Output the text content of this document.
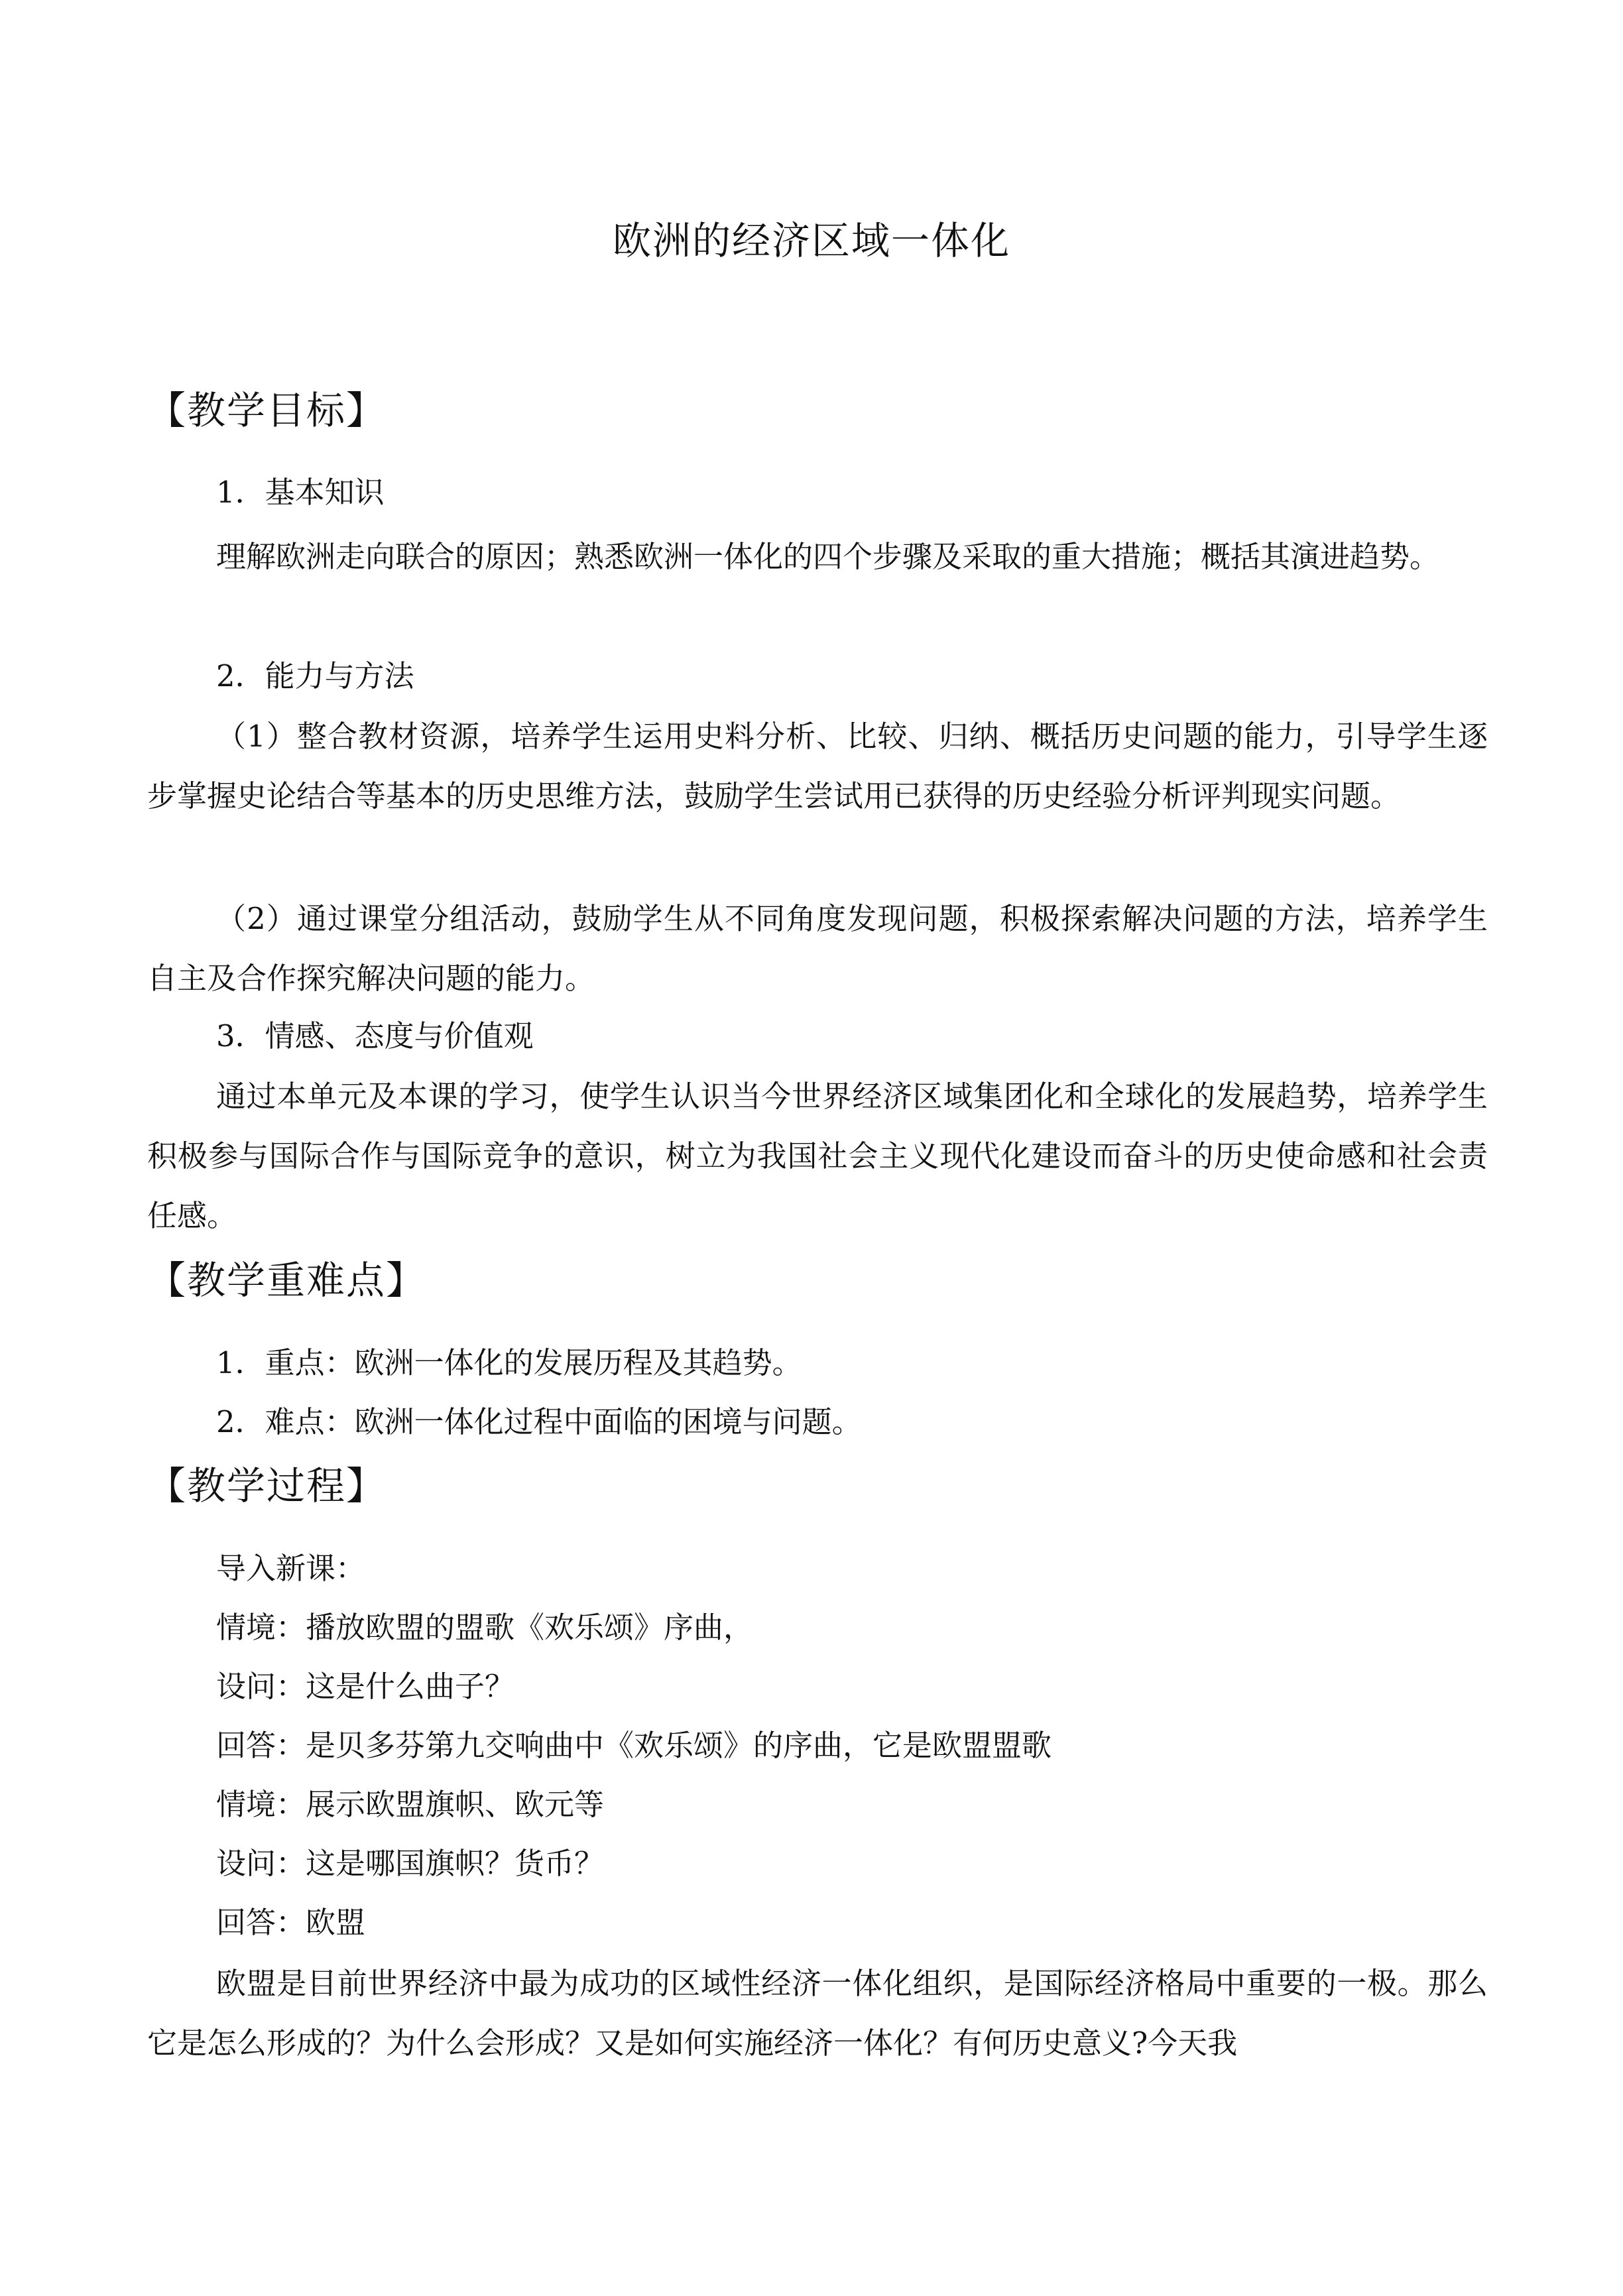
欧洲的经济区域一体化
【教学目标】
1．基本知识
理解欧洲走向联合的原因；熟悉欧洲一体化的四个步骤及采取的重大措施；概括其演进趋势。
2．能力与方法
（1）整合教材资源，培养学生运用史料分析、比较、归纳、概括历史问题的能力，引导学生逐步掌握史论结合等基本的历史思维方法，鼓励学生尝试用已获得的历史经验分析评判现实问题。
（2）通过课堂分组活动，鼓励学生从不同角度发现问题，积极探索解决问题的方法，培养学生自主及合作探究解决问题的能力。
3．情感、态度与价值观
通过本单元及本课的学习，使学生认识当今世界经济区域集团化和全球化的发展趋势，培养学生积极参与国际合作与国际竞争的意识，树立为我国社会主义现代化建设而奋斗的历史使命感和社会责任感。
【教学重难点】
1．重点：欧洲一体化的发展历程及其趋势。
2．难点：欧洲一体化过程中面临的困境与问题。
【教学过程】
导入新课：
情境：播放欧盟的盟歌《欢乐颂》序曲，
设问：这是什么曲子？
回答：是贝多芬第九交响曲中《欢乐颂》的序曲，它是欧盟盟歌
情境：展示欧盟旗帜、欧元等
设问：这是哪国旗帜？货币？
回答：欧盟
欧盟是目前世界经济中最为成功的区域性经济一体化组织，是国际经济格局中重要的一极。那么它是怎么形成的？为什么会形成？又是如何实施经济一体化？有何历史意义?今天我
